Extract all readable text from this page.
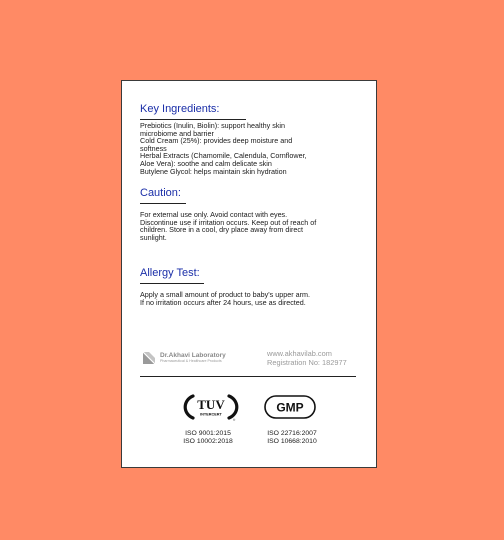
Key Ingredients:
Prebiotics (Inulin, Biolin): support healthy skin
microbiome and barrier
Cold Cream (25%): provides deep moisture and
softness
Herbal Extracts (Chamomile, Calendula, Cornflower,
Aloe Vera): soothe and calm delicate skin
Butylene Glycol: helps maintain skin hydration
Caution:
For external use only. Avoid contact with eyes.
Discontinue use if irritation occurs. Keep out of reach of
children. Store in a cool, dry place away from direct
sunlight.
Allergy Test:
Apply a small amount of product to baby's upper arm.
If no irritation occurs after 24 hours, use as directed.
Dr.Akhavi Laboratory
Pharmaceutical & Healthcare Products
www.akhavilab.com
Registration No: 182977
TUV
INTERCERT
®
GMP
ISO 9001:2015
ISO 10002:2018
ISO 22716:2007
ISO 10668:2010
